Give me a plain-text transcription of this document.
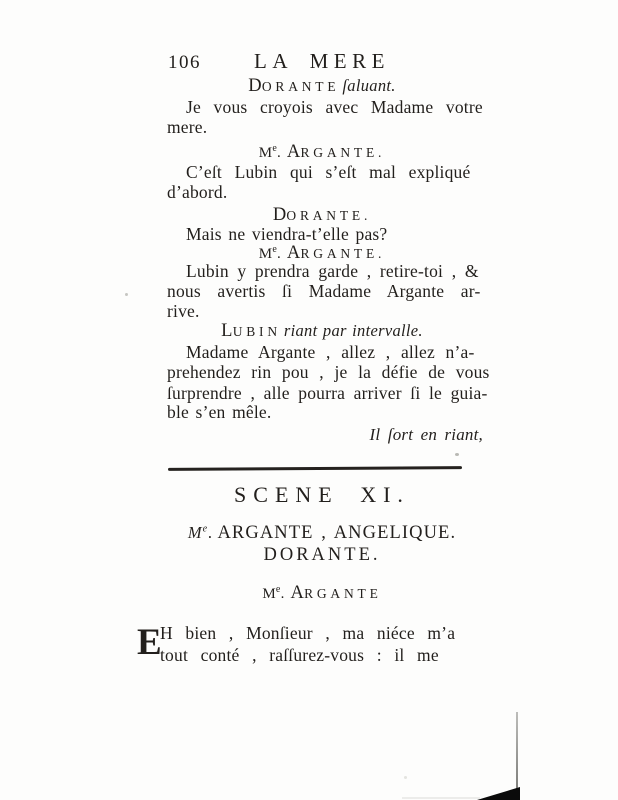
106	LA MERE
DORANTE ſaluant.
Je vous croyois avec Madame votre
mere.
Me. ARGANTE.
C’eſt Lubin qui s’eſt mal expliqué
d’abord.
DORANTE.
Mais ne viendra-t’elle pas?
Me. ARGANTE.
Lubin y prendra garde , retire-toi , &
nous avertis ſi Madame Argante ar-
rive.
LUBIN riant par intervalle.
Madame Argante , allez , allez n’a-
prehendez rin pou , je la défie de vous
ſurprendre , alle pourra arriver ſi le guia-
ble s’en mêle.
Il ſort en riant,
SCENE XI.
Me. ARGANTE , ANGELIQUE.
DORANTE.
Me. ARGANTE
E
H bien , Monſieur , ma niéce m’a
tout conté , raſſurez-vous : il me
